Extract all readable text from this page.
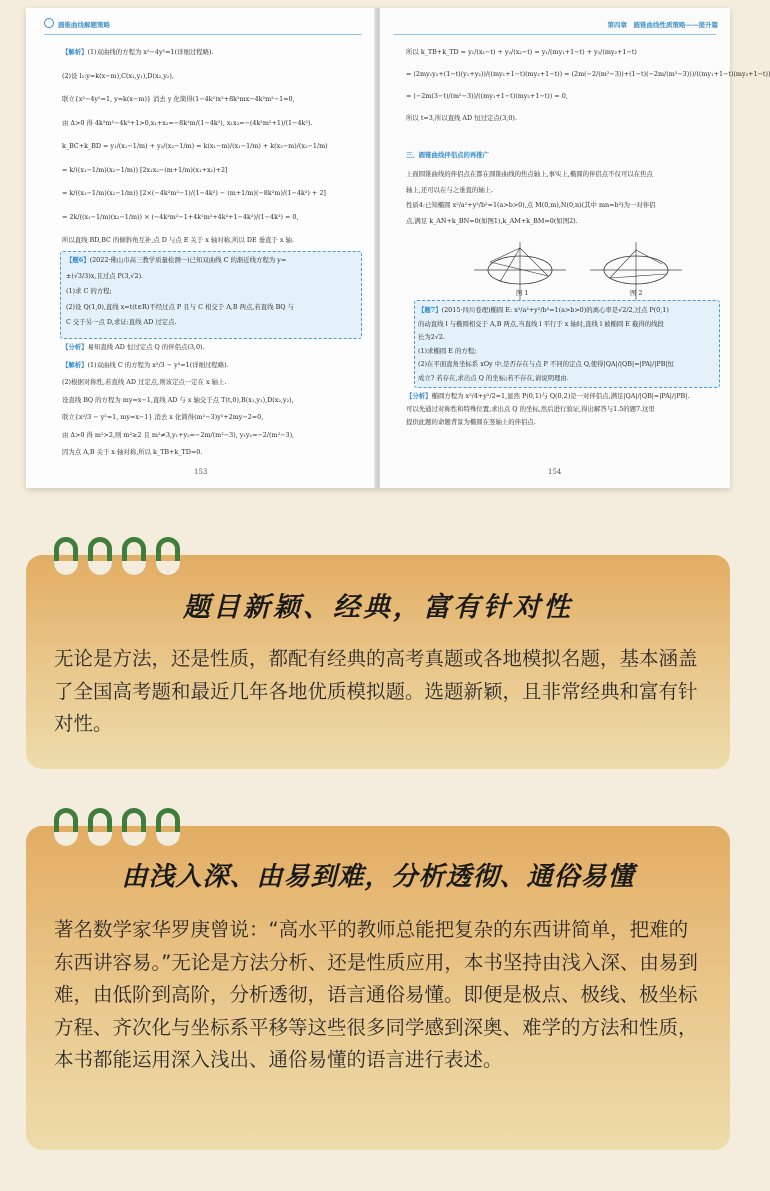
圆锥曲线解题策略
【解析】(1)双曲线的方程为 x²−4y²=1(详细过程略).
(2)设 l₂:y=k(x−m),C(x₁,y₁),D(x₂,y₂),
联立{x²−4y²=1, y=k(x−m)} 消去 y 化简得(1−4k²)x²+8k²mx−4k²m²−1=0,
由 Δ>0 得 4k²m²−4k²+1>0,x₁+x₂=−8k²m/(1−4k²), x₁x₂=−(4k²m²+1)/(1−4k²).
k_BC+k_BD = y₁/(x₁−1/m) + y₂/(x₂−1/m) = k(x₁−m)/(x₁−1/m) + k(x₂−m)/(x₂−1/m)
= k/((x₁−1/m)(x₂−1/m)) [2x₁x₂−(m+1/m)(x₁+x₂)+2]
= k/((x₁−1/m)(x₂−1/m)) [2×(−4k²m²−1)/(1−4k²) − (m+1/m)(−8k²m)/(1−4k²) + 2]
= 2k/((x₁−1/m)(x₂−1/m)) × (−4k²m²−1+4k²m²+4k²+1−4k²)/(1−4k²) = 0,
所以直线 BD,BC 的倾斜角互补,点 D 与点 E 关于 x 轴对称,所以 DE 垂直于 x 轴.
【题6】(2022·佛山市高三教学质量检测一)已知双曲线 C 的渐近线方程为 y=
±(√3/3)x,且过点 P(3,√2).
(1)求 C 的方程;
(2)设 Q(1,0),直线 x=t(t∈R)不经过点 P 且与 C 相交于 A,B 两点,若直线 BQ 与
C 交于另一点 D,求证:直线 AD 过定点.
【分析】易知直线 AD 恒过定点 Q 的伴侣点(3,0).
【解析】(1)双曲线 C 的方程为 x²/3 − y²=1(详细过程略).
(2)根据对称性,若直线 AD 过定点,则该定点一定在 x 轴上.
设直线 BQ 的方程为 my=x−1,直线 AD 与 x 轴交于点 T(t,0),B(x₁,y₁),D(x₂,y₂),
联立{x²/3 − y²=1, my=x−1} 消去 x 化简得(m²−3)y²+2my−2=0,
由 Δ>0 得 m²>2,则 m²≥2 且 m²≠3,y₁+y₂=−2m/(m²−3), y₁y₂=−2/(m²−3),
因为点 A,B 关于 x 轴对称,所以 k_TB+k_TD=0.
153
第四章　圆锥曲线性质策略——提升篇
所以 k_TB+k_TD = y₁/(x₁−t) + y₂/(x₂−t) = y₁/(my₁+1−t) + y₂/(my₂+1−t)
= (2my₁y₂+(1−t)(y₁+y₂))/((my₁+1−t)(my₂+1−t)) = (2m(−2/(m²−3))+(1−t)(−2m/(m²−3)))/((my₁+1−t)(my₂+1−t))
= (−2m(3−t)/(m²−3))/((my₁+1−t)(my₂+1−t)) = 0,
所以 t=3,所以直线 AD 恒过定点(3,0).
三、圆锥曲线伴侣点的再推广
上面圆锥曲线的伴侣点在都在圆锥曲线的焦点轴上,事实上,椭圆的伴侣点不仅可以在焦点
轴上,还可以在与之垂直的轴上.
性质4:已知椭圆 x²/a²+y²/b²=1(a>b>0),点 M(0,m),N(0,n)(其中 mn=b²)为一对伴侣
点,满足 k_AN+k_BN=0(如图1),k_AM+k_BM=0(如图2).
图 1	图 2
【题7】(2015·四川卷理)椭圆 E: x²/a²+y²/b²=1(a>b>0)的离心率是√2/2,过点 P(0,1)
的动直线 l 与椭圆相交于 A,B 两点,当直线 l 平行于 x 轴时,直线 l 被椭圆 E 截得的线段
长为2√2.
(1)求椭圆 E 的方程;
(2)在平面直角坐标系 xOy 中,是否存在与点 P 不同的定点 Q,使得|QA|/|QB|=|PA|/|PB|恒
成立? 若存在,求出点 Q 的坐标;若不存在,请说明理由.
【分析】椭圆方程为 x²/4+y²/2=1,显然 P(0,1)与 Q(0,2)是一对伴侣点,满足|QA|/|QB|=|PA|/|PB|.
可以先通过对称性和特殊位置,求出点 Q 的坐标,然后进行验证,得出解答与1.5的题7.这里
提供此题的命题背景为椭圆在竖轴上的伴侣点.
154
题目新颖、经典，富有针对性
无论是方法，还是性质，都配有经典的高考真题或各地模拟名题，基本涵盖了全国高考题和最近几年各地优质模拟题。选题新颖，且非常经典和富有针对性。
由浅入深、由易到难，分析透彻、通俗易懂
著名数学家华罗庚曾说：“高水平的教师总能把复杂的东西讲简单，把难的东西讲容易。”无论是方法分析、还是性质应用，本书坚持由浅入深、由易到难，由低阶到高阶，分析透彻，语言通俗易懂。即便是极点、极线、极坐标方程、齐次化与坐标系平移等这些很多同学感到深奥、难学的方法和性质，本书都能运用深入浅出、通俗易懂的语言进行表述。
